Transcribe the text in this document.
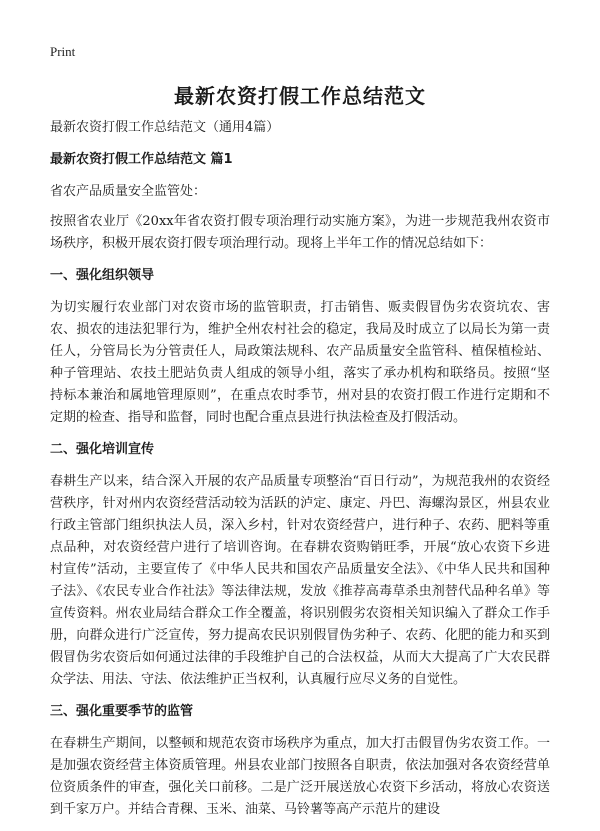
Print
最新农资打假工作总结范文

最新农资打假工作总结范文（通用4篇）

最新农资打假工作总结范文 篇1

省农产品质量安全监管处：

按照省农业厅《20xx年省农资打假专项治理行动实施方案》，为进一步规范我州农资市场秩序，积极开展农资打假专项治理行动。现将上半年工作的情况总结如下：

一、强化组织领导

为切实履行农业部门对农资市场的监管职责，打击销售、贩卖假冒伪劣农资坑农、害农、损农的违法犯罪行为，维护全州农村社会的稳定，我局及时成立了以局长为第一责任人，分管局长为分管责任人，局政策法规科、农产品质量安全监管科、植保植检站、种子管理站、农技土肥站负责人组成的领导小组，落实了承办机构和联络员。按照“坚持标本兼治和属地管理原则”，在重点农时季节，州对县的农资打假工作进行定期和不定期的检查、指导和监督，同时也配合重点县进行执法检查及打假活动。

二、强化培训宣传

春耕生产以来，结合深入开展的农产品质量专项整治“百日行动”，为规范我州的农资经营秩序，针对州内农资经营活动较为活跃的泸定、康定、丹巴、海螺沟景区，州县农业行政主管部门组织执法人员，深入乡村，针对农资经营户，进行种子、农药、肥料等重点品种，对农资经营户进行了培训咨询。在春耕农资购销旺季，开展“放心农资下乡进村宣传”活动，主要宣传了《中华人民共和国农产品质量安全法》、《中华人民共和国种子法》、《农民专业合作社法》等法律法规，发放《推荐高毒草杀虫剂替代品种名单》等宣传资料。州农业局结合群众工作全覆盖，将识别假劣农资相关知识编入了群众工作手册，向群众进行广泛宣传，努力提高农民识别假冒伪劣种子、农药、化肥的能力和买到假冒伪劣农资后如何通过法律的手段维护自己的合法权益，从而大大提高了广大农民群众学法、用法、守法、依法维护正当权利，认真履行应尽义务的自觉性。

三、强化重要季节的监管

在春耕生产期间，以整顿和规范农资市场秩序为重点，加大打击假冒伪劣农资工作。一是加强农资经营主体资质管理。州县农业部门按照各自职责，依法加强对各农资经营单位资质条件的审查，强化关口前移。二是广泛开展送放心农资下乡活动，将放心农资送到千家万户。并结合青稞、玉米、油菜、马铃薯等高产示范片的建设
